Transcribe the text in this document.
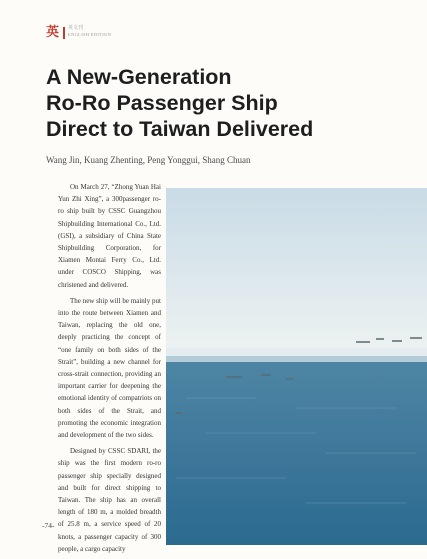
英 英文刊
ENGLISH EDITION
A New-Generation
Ro-Ro Passenger Ship
Direct to Taiwan Delivered
Wang Jin, Kuang Zhenting, Peng Yonggui, Shang Chuan

On March 27, “Zhong Yuan Hai Yun Zhi Xing”, a 300passenger ro-ro ship built by CSSC Guangzhou Shipbuilding International Co., Ltd. (GSI), a subsidiary of China State Shipbuilding Corporation, for Xiamen Montai Ferry Co., Ltd. under COSCO Shipping, was christened and delivered.

The new ship will be mainly put into the route between Xiamen and Taiwan, replacing the old one, deeply practicing the concept of “one family on both sides of the Strait”, building a new channel for cross-strait connection, providing an important carrier for deepening the emotional identity of compatriots on both sides of the Strait, and promoting the economic integration and development of the two sides.

Designed by CSSC SDARI, the ship was the first modern ro-ro passenger ship specially designed and built for direct shipping to Taiwan. The ship has an overall length of 180 m, a molded breadth of 25.8 m, a service speed of 20 knots, a passenger capacity of 300 people, a cargo capacity

-74-
